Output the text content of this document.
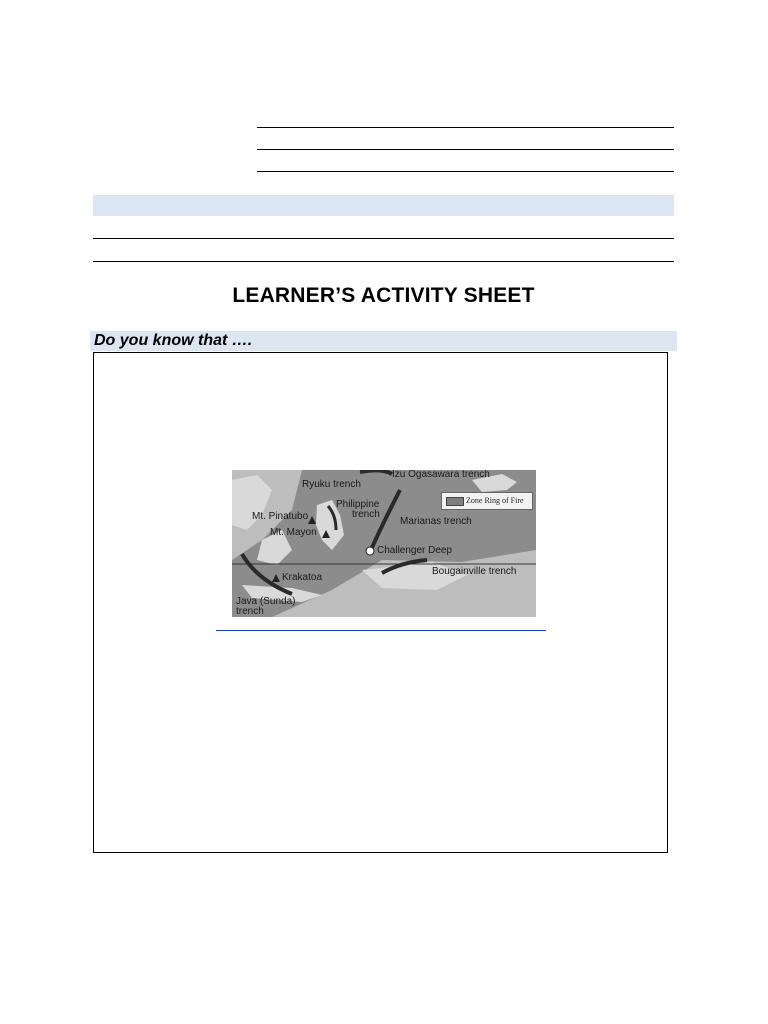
LEARNER’S ACTIVITY SHEET
Do you know that ….
Izu Ogasawara trench
Ryuku trench
Philippine
trench
Mt. Pinatubo
Mt. Mayon
Marianas trench
Challenger Deep
Krakatoa
Bougainville trench
Java (Sunda)
trench
Zone Ring of Fire
